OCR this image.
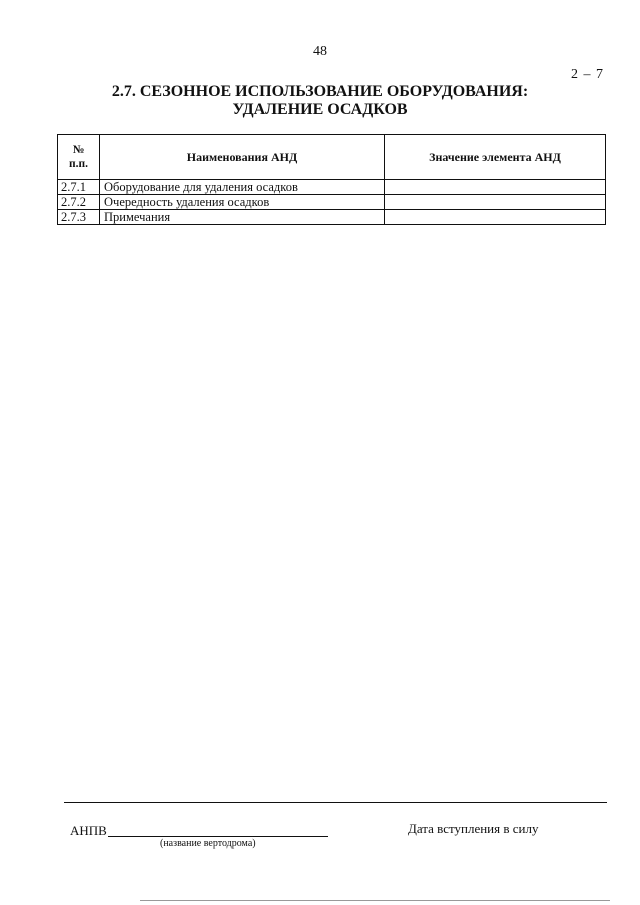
48
2 – 7
2.7. СЕЗОННОЕ ИСПОЛЬЗОВАНИЕ ОБОРУДОВАНИЯ:
УДАЛЕНИЕ ОСАДКОВ
№
п.п.	Наименования АНД	Значение элемента АНД
2.7.1	Оборудование для удаления осадков	
2.7.2	Очередность удаления осадков	
2.7.3	Примечания	
АНПВ
(название вертодрома)
Дата вступления в силу
